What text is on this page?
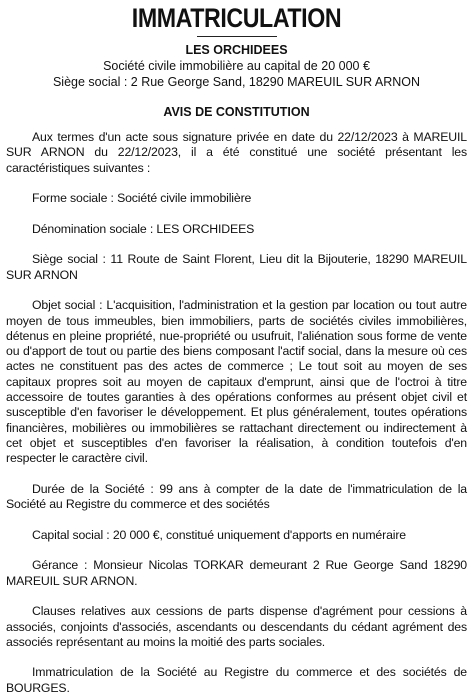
IMMATRICULATION
LES ORCHIDEES
Société civile immobilière au capital de 20 000 €
Siège social : 2 Rue George Sand, 18290 MAREUIL SUR ARNON
AVIS DE CONSTITUTION

Aux termes d'un acte sous signature privée en date du 22/12/2023 à MAREUIL SUR ARNON du 22/12/2023, il a été constitué une société présentant les caractéristiques suivantes :

Forme sociale : Société civile immobilière

Dénomination sociale : LES ORCHIDEES

Siège social : 11 Route de Saint Florent, Lieu dit la Bijouterie, 18290 MAREUIL SUR ARNON

Objet social : L'acquisition, l'administration et la gestion par location ou tout autre moyen de tous immeubles, bien immobiliers, parts de sociétés civiles immobilières, détenus en pleine propriété, nue-propriété ou usufruit, l'aliénation sous forme de vente ou d'apport de tout ou partie des biens composant l'actif social, dans la mesure où ces actes ne constituent pas des actes de commerce ; Le tout soit au moyen de ses capitaux propres soit au moyen de capitaux d'emprunt, ainsi que de l'octroi à titre accessoire de toutes garanties à des opérations conformes au présent objet civil et susceptible d'en favoriser le développement. Et plus généralement, toutes opérations financières, mobilières ou immobilières se rattachant directement ou indirectement à cet objet et susceptibles d'en favoriser la réalisation, à condition toutefois d'en respecter le caractère civil.

Durée de la Société : 99 ans à compter de la date de l'immatriculation de la Société au Registre du commerce et des sociétés

Capital social : 20 000 €, constitué uniquement d'apports en numéraire

Gérance : Monsieur Nicolas TORKAR demeurant 2 Rue George Sand 18290 MAREUIL SUR ARNON.

Clauses relatives aux cessions de parts dispense d'agrément pour cessions à associés, conjoints d'associés, ascendants ou descendants du cédant agrément des associés représentant au moins la moitié des parts sociales.

Immatriculation de la Société au Registre du commerce et des sociétés de BOURGES.
